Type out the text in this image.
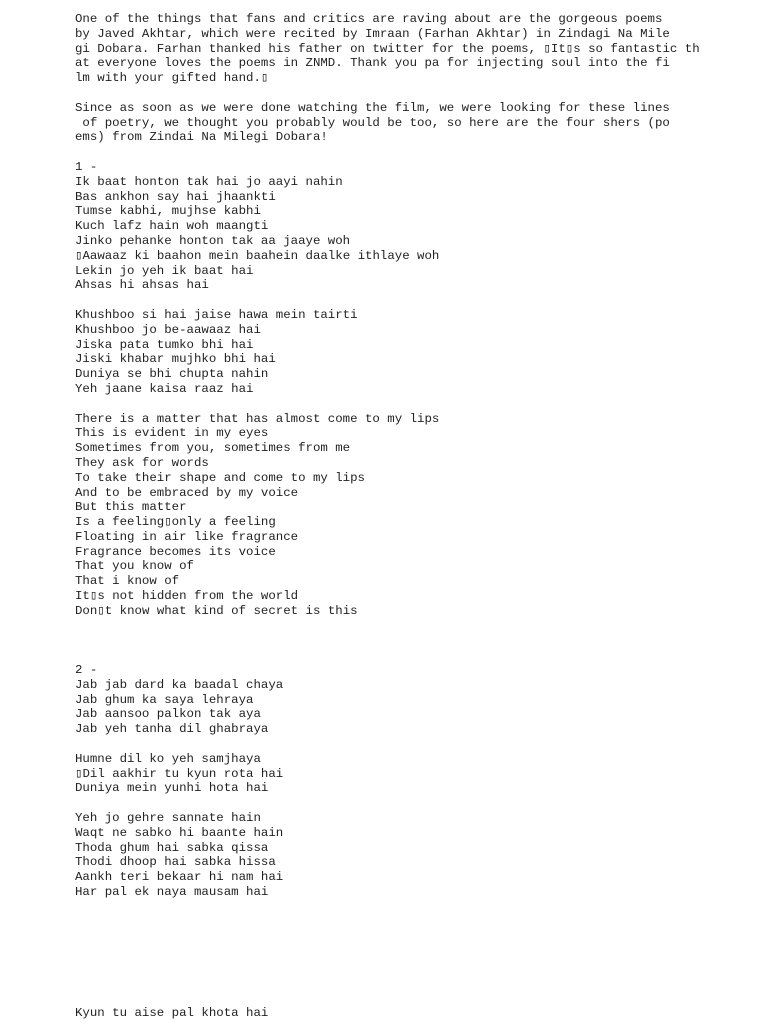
One of the things that fans and critics are raving about are the gorgeous poems
by Javed Akhtar, which were recited by Imraan (Farhan Akhtar) in Zindagi Na Mile
gi Dobara. Farhan thanked his father on twitter for the poems, ▯It▯s so fantastic th
at everyone loves the poems in ZNMD. Thank you pa for injecting soul into the fi
lm with your gifted hand.▯
Since as soon as we were done watching the film, we were looking for these lines
of poetry, we thought you probably would be too, so here are the four shers (po
ems) from Zindai Na Milegi Dobara!
1 -
Ik baat honton tak hai jo aayi nahin
Bas ankhon say hai jhaankti
Tumse kabhi, mujhse kabhi
Kuch lafz hain woh maangti
Jinko pehanke honton tak aa jaaye woh
▯Aawaaz ki baahon mein baahein daalke ithlaye woh
Lekin jo yeh ik baat hai
Ahsas hi ahsas hai
Khushboo si hai jaise hawa mein tairti
Khushboo jo be-aawaaz hai
Jiska pata tumko bhi hai
Jiski khabar mujhko bhi hai
Duniya se bhi chupta nahin
Yeh jaane kaisa raaz hai
There is a matter that has almost come to my lips
This is evident in my eyes
Sometimes from you, sometimes from me
They ask for words
To take their shape and come to my lips
And to be embraced by my voice
But this matter
Is a feeling▯only a feeling
Floating in air like fragrance
Fragrance becomes its voice
That you know of
That i know of
It▯s not hidden from the world
Don▯t know what kind of secret is this
2 -
Jab jab dard ka baadal chaya
Jab ghum ka saya lehraya
Jab aansoo palkon tak aya
Jab yeh tanha dil ghabraya
Humne dil ko yeh samjhaya
▯Dil aakhir tu kyun rota hai
Duniya mein yunhi hota hai
Yeh jo gehre sannate hain
Waqt ne sabko hi baante hain
Thoda ghum hai sabka qissa
Thodi dhoop hai sabka hissa
Aankh teri bekaar hi nam hai
Har pal ek naya mausam hai
Kyun tu aise pal khota hai
